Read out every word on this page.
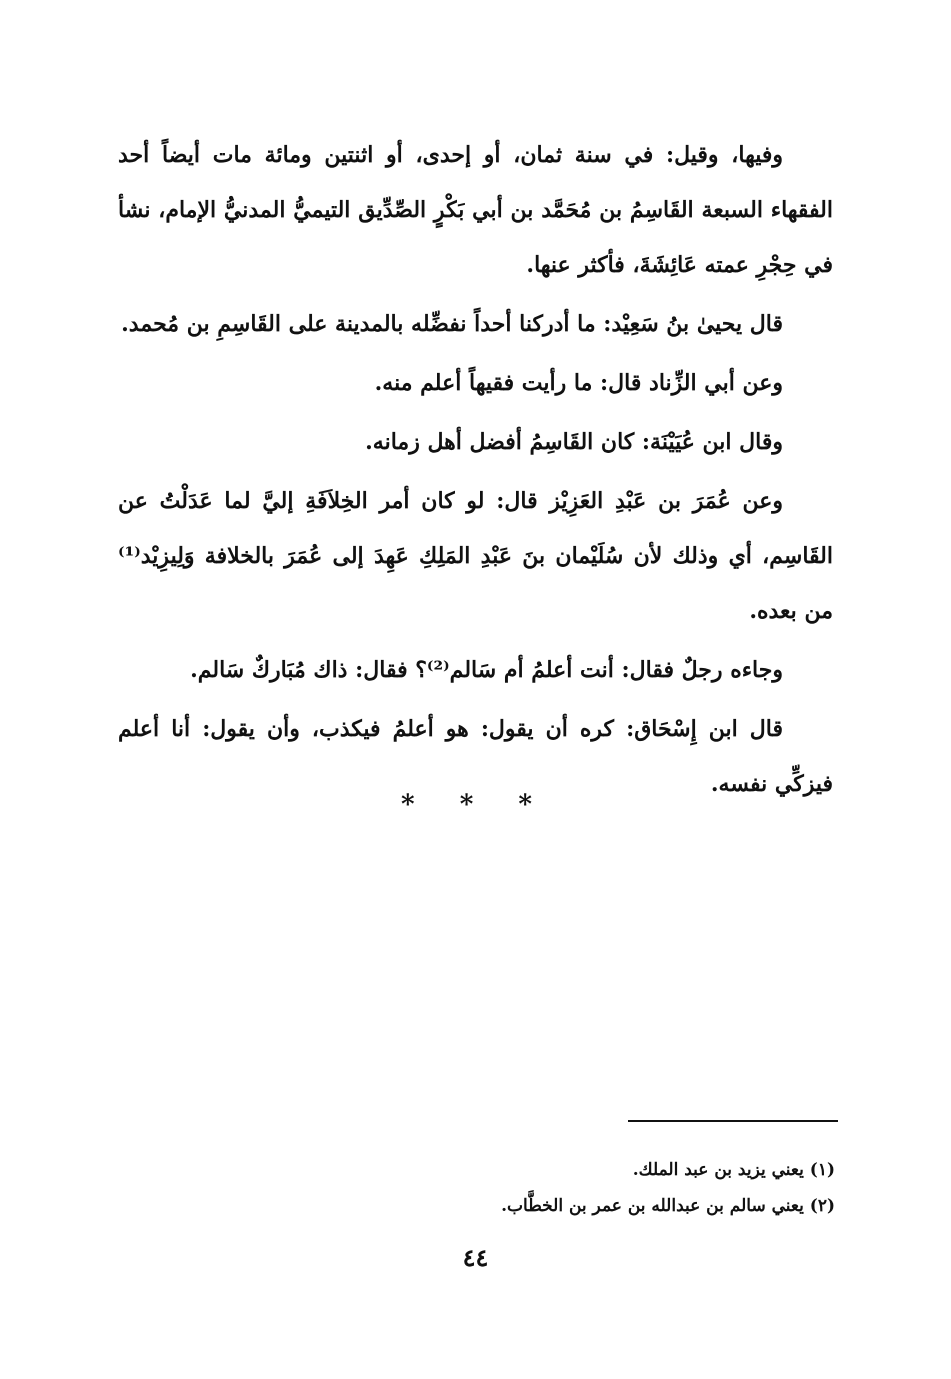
وفيها، وقيل: في سنة ثمان، أو إحدى، أو اثنتين ومائة مات أيضاً أحد الفقهاء السبعة القَاسِمُ بن مُحَمَّد بن أبي بَكْرٍ الصِّدِّيق التيميُّ المدنيُّ الإمام، نشأ في حِجْرِ عمته عَائِشَةَ، فأكثر عنها.

قال يحيىٰ بنُ سَعِيْد: ما أدركنا أحداً نفضِّله بالمدينة على القَاسِمِ بن مُحمد.

وعن أبي الزِّناد قال: ما رأيت فقيهاً أعلم منه.

وقال ابن عُيَيْنَة: كان القَاسِمُ أفضل أهل زمانه.

وعن عُمَرَ بن عَبْدِ العَزِيْز قال: لو كان أمر الخِلاَفَةِ إليَّ لما عَدَلْتُ عن القَاسِم، أي وذلك لأن سُلَيْمان بنَ عَبْدِ المَلِكِ عَهِدَ إلى عُمَرَ بالخلافة وَلِيزِيْد⁽¹⁾ من بعده.

وجاءه رجلٌ فقال: أنت أعلمُ أم سَالم⁽²⁾؟ فقال: ذاك مُبَاركٌ سَالم.

قال ابن إِسْحَاق: كره أن يقول: هو أعلمُ فيكذب، وأن يقول: أنا أعلم فيزكِّي نفسه.

* * *

(١) يعني يزيد بن عبد الملك.

(٢) يعني سالم بن عبدالله بن عمر بن الخطَّاب.

٤٤
